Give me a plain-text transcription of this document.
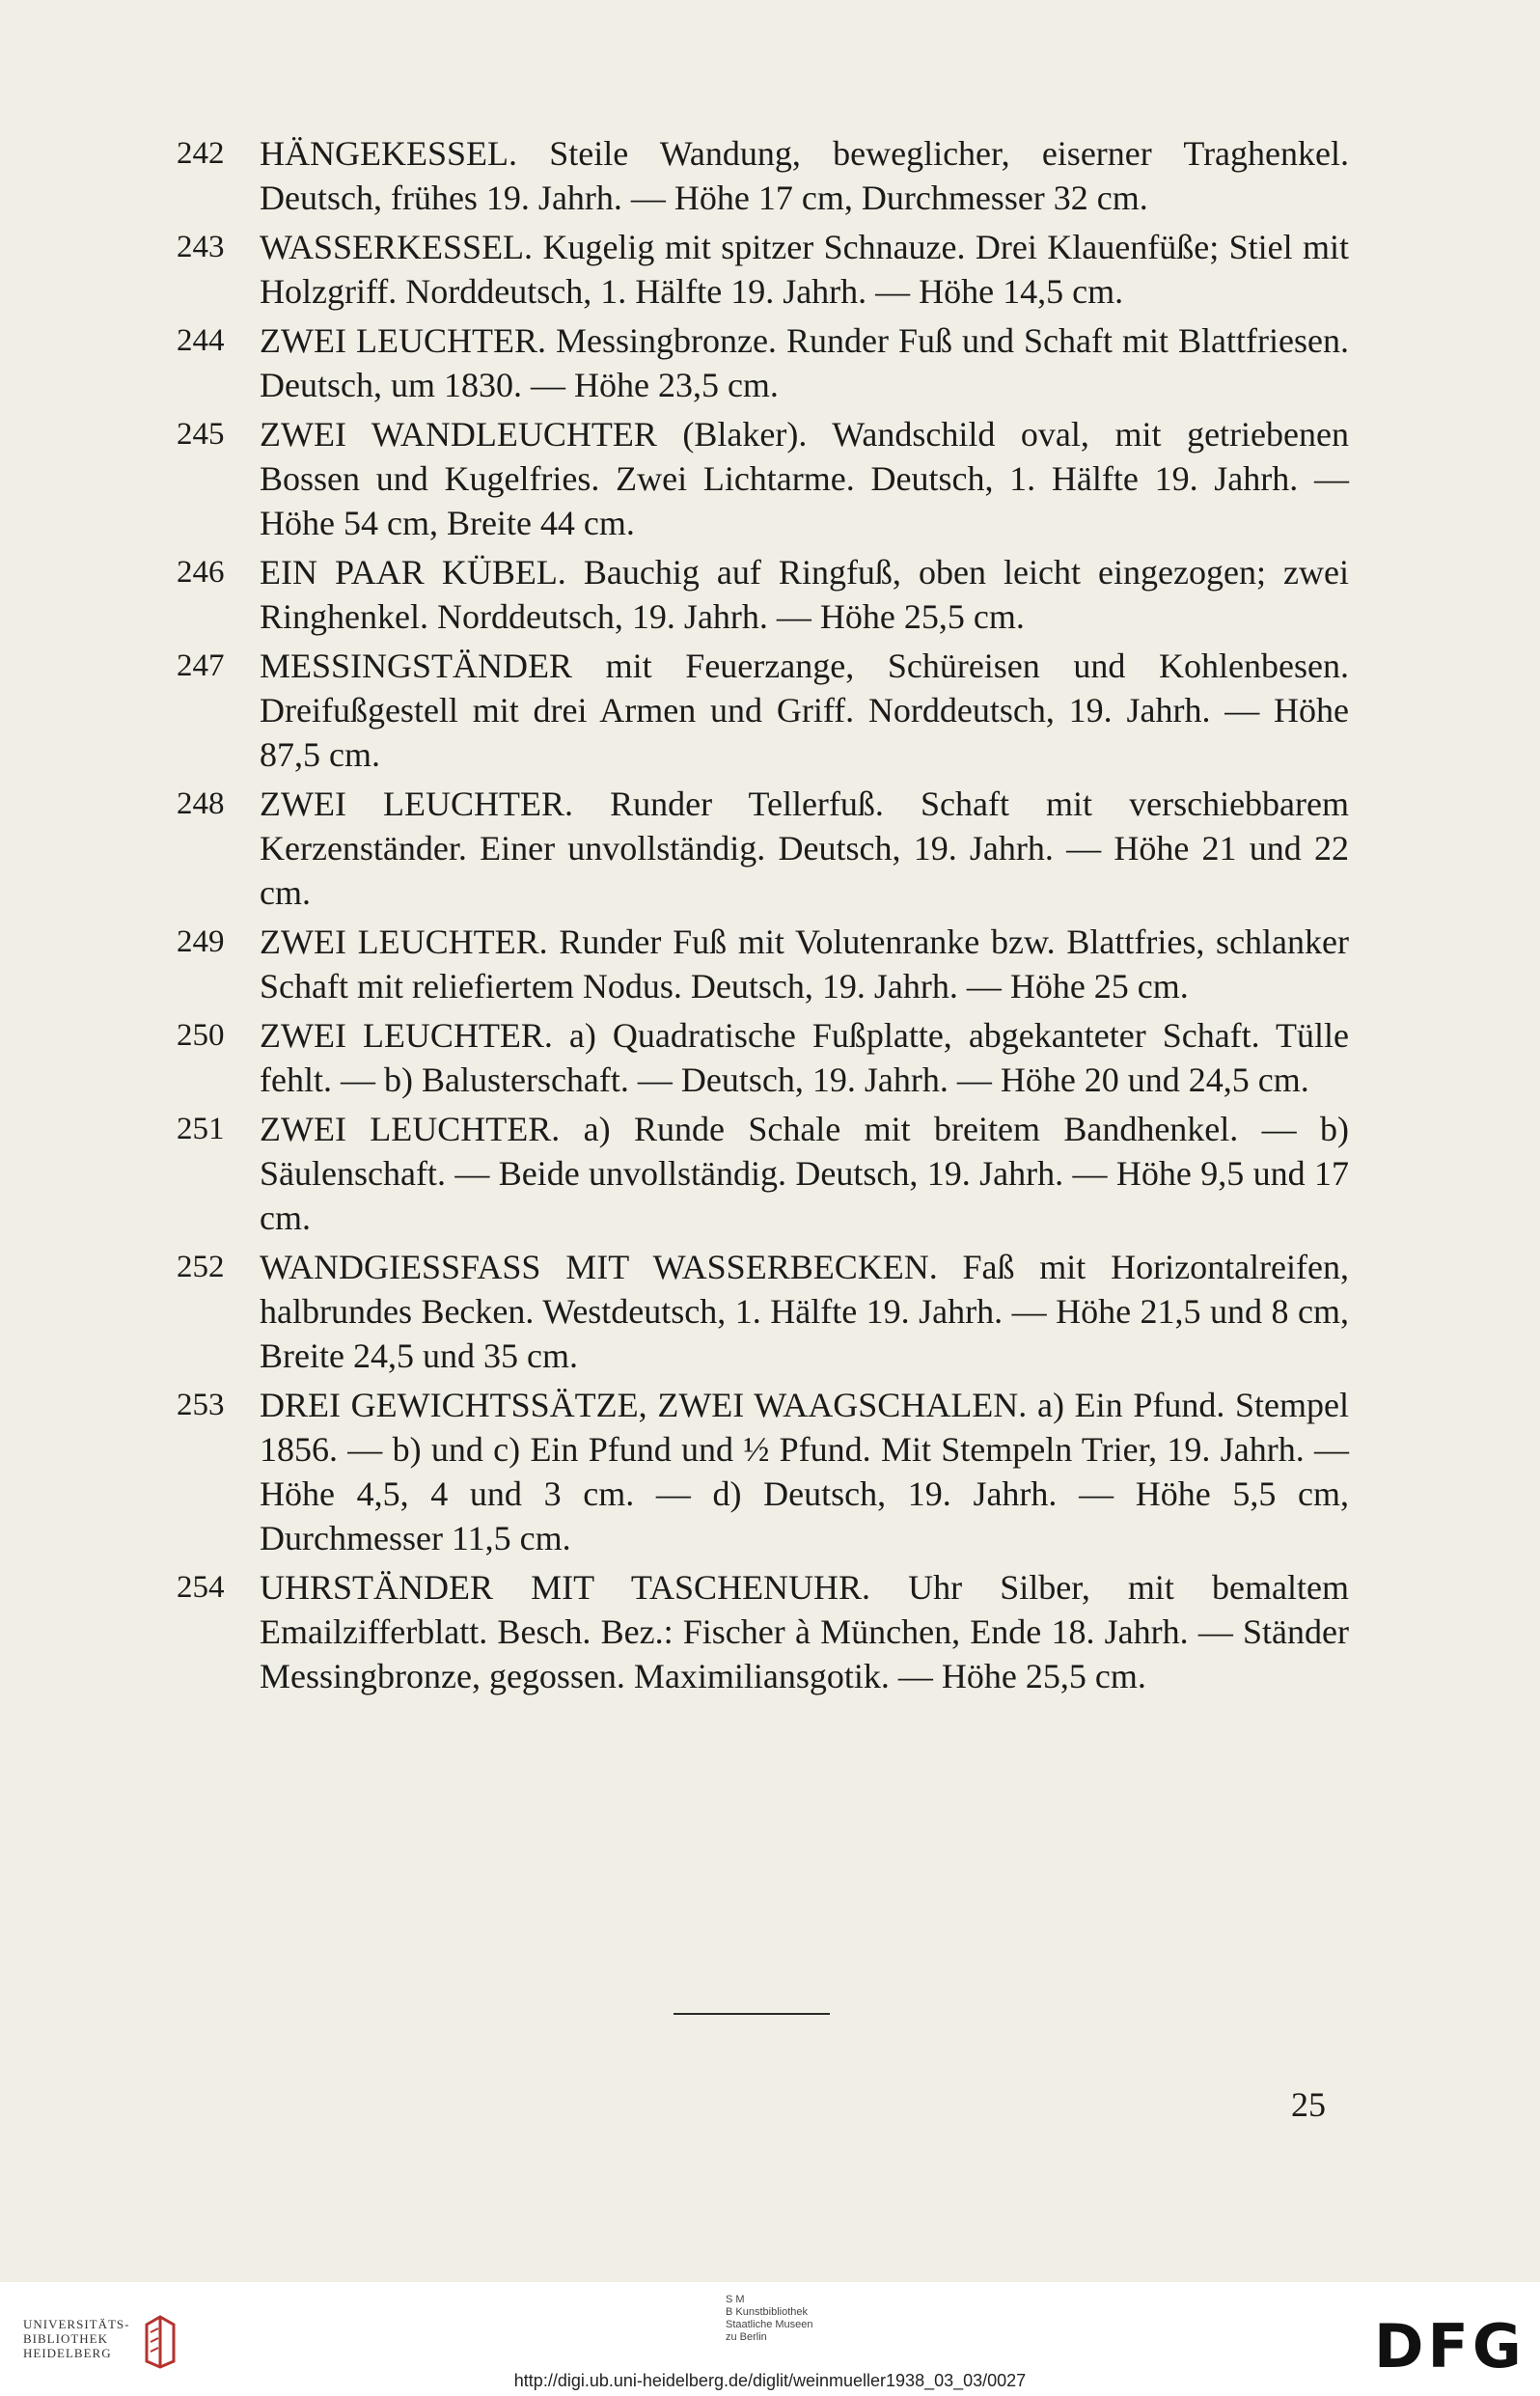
242 HÄNGEKESSEL. Steile Wandung, beweglicher, eiserner Traghenkel. Deutsch, frühes 19. Jahrh. — Höhe 17 cm, Durchmesser 32 cm.
243 WASSERKESSEL. Kugelig mit spitzer Schnauze. Drei Klauenfüße; Stiel mit Holzgriff. Norddeutsch, 1. Hälfte 19. Jahrh. — Höhe 14,5 cm.
244 ZWEI LEUCHTER. Messingbronze. Runder Fuß und Schaft mit Blattfriesen. Deutsch, um 1830. — Höhe 23,5 cm.
245 ZWEI WANDLEUCHTER (Blaker). Wandschild oval, mit getriebenen Bossen und Kugelfries. Zwei Lichtarme. Deutsch, 1. Hälfte 19. Jahrh. — Höhe 54 cm, Breite 44 cm.
246 EIN PAAR KÜBEL. Bauchig auf Ringfuß, oben leicht eingezogen; zwei Ringhenkel. Norddeutsch, 19. Jahrh. — Höhe 25,5 cm.
247 MESSINGSTÄNDER mit Feuerzange, Schüreisen und Kohlenbesen. Dreifußgestell mit drei Armen und Griff. Norddeutsch, 19. Jahrh. — Höhe 87,5 cm.
248 ZWEI LEUCHTER. Runder Tellerfuß. Schaft mit verschiebbarem Kerzenständer. Einer unvollständig. Deutsch, 19. Jahrh. — Höhe 21 und 22 cm.
249 ZWEI LEUCHTER. Runder Fuß mit Volutenranke bzw. Blattfries, schlanker Schaft mit reliefiertem Nodus. Deutsch, 19. Jahrh. — Höhe 25 cm.
250 ZWEI LEUCHTER. a) Quadratische Fußplatte, abgekanteter Schaft. Tülle fehlt. — b) Balusterschaft. — Deutsch, 19. Jahrh. — Höhe 20 und 24,5 cm.
251 ZWEI LEUCHTER. a) Runde Schale mit breitem Bandhenkel. — b) Säulenschaft. — Beide unvollständig. Deutsch, 19. Jahrh. — Höhe 9,5 und 17 cm.
252 WANDGIESSFASS MIT WASSERBECKEN. Faß mit Horizontalreifen, halbrundes Becken. Westdeutsch, 1. Hälfte 19. Jahrh. — Höhe 21,5 und 8 cm, Breite 24,5 und 35 cm.
253 DREI GEWICHTSSÄTZE, ZWEI WAAGSCHALEN. a) Ein Pfund. Stempel 1856. — b) und c) Ein Pfund und ½ Pfund. Mit Stempeln Trier, 19. Jahrh. — Höhe 4,5, 4 und 3 cm. — d) Deutsch, 19. Jahrh. — Höhe 5,5 cm, Durchmesser 11,5 cm.
254 UHRSTÄNDER MIT TASCHENUHR. Uhr Silber, mit bemaltem Emailzifferblatt. Besch. Bez.: Fischer à München, Ende 18. Jahrh. — Ständer Messingbronze, gegossen. Maximiliansgotik. — Höhe 25,5 cm.
25
UNIVERSITÄTS-
BIBLIOTHEK
HEIDELBERG
S M
B Kunstbibliothek
Staatliche Museen
zu Berlin	DFG
http://digi.ub.uni-heidelberg.de/diglit/weinmueller1938_03_03/0027
